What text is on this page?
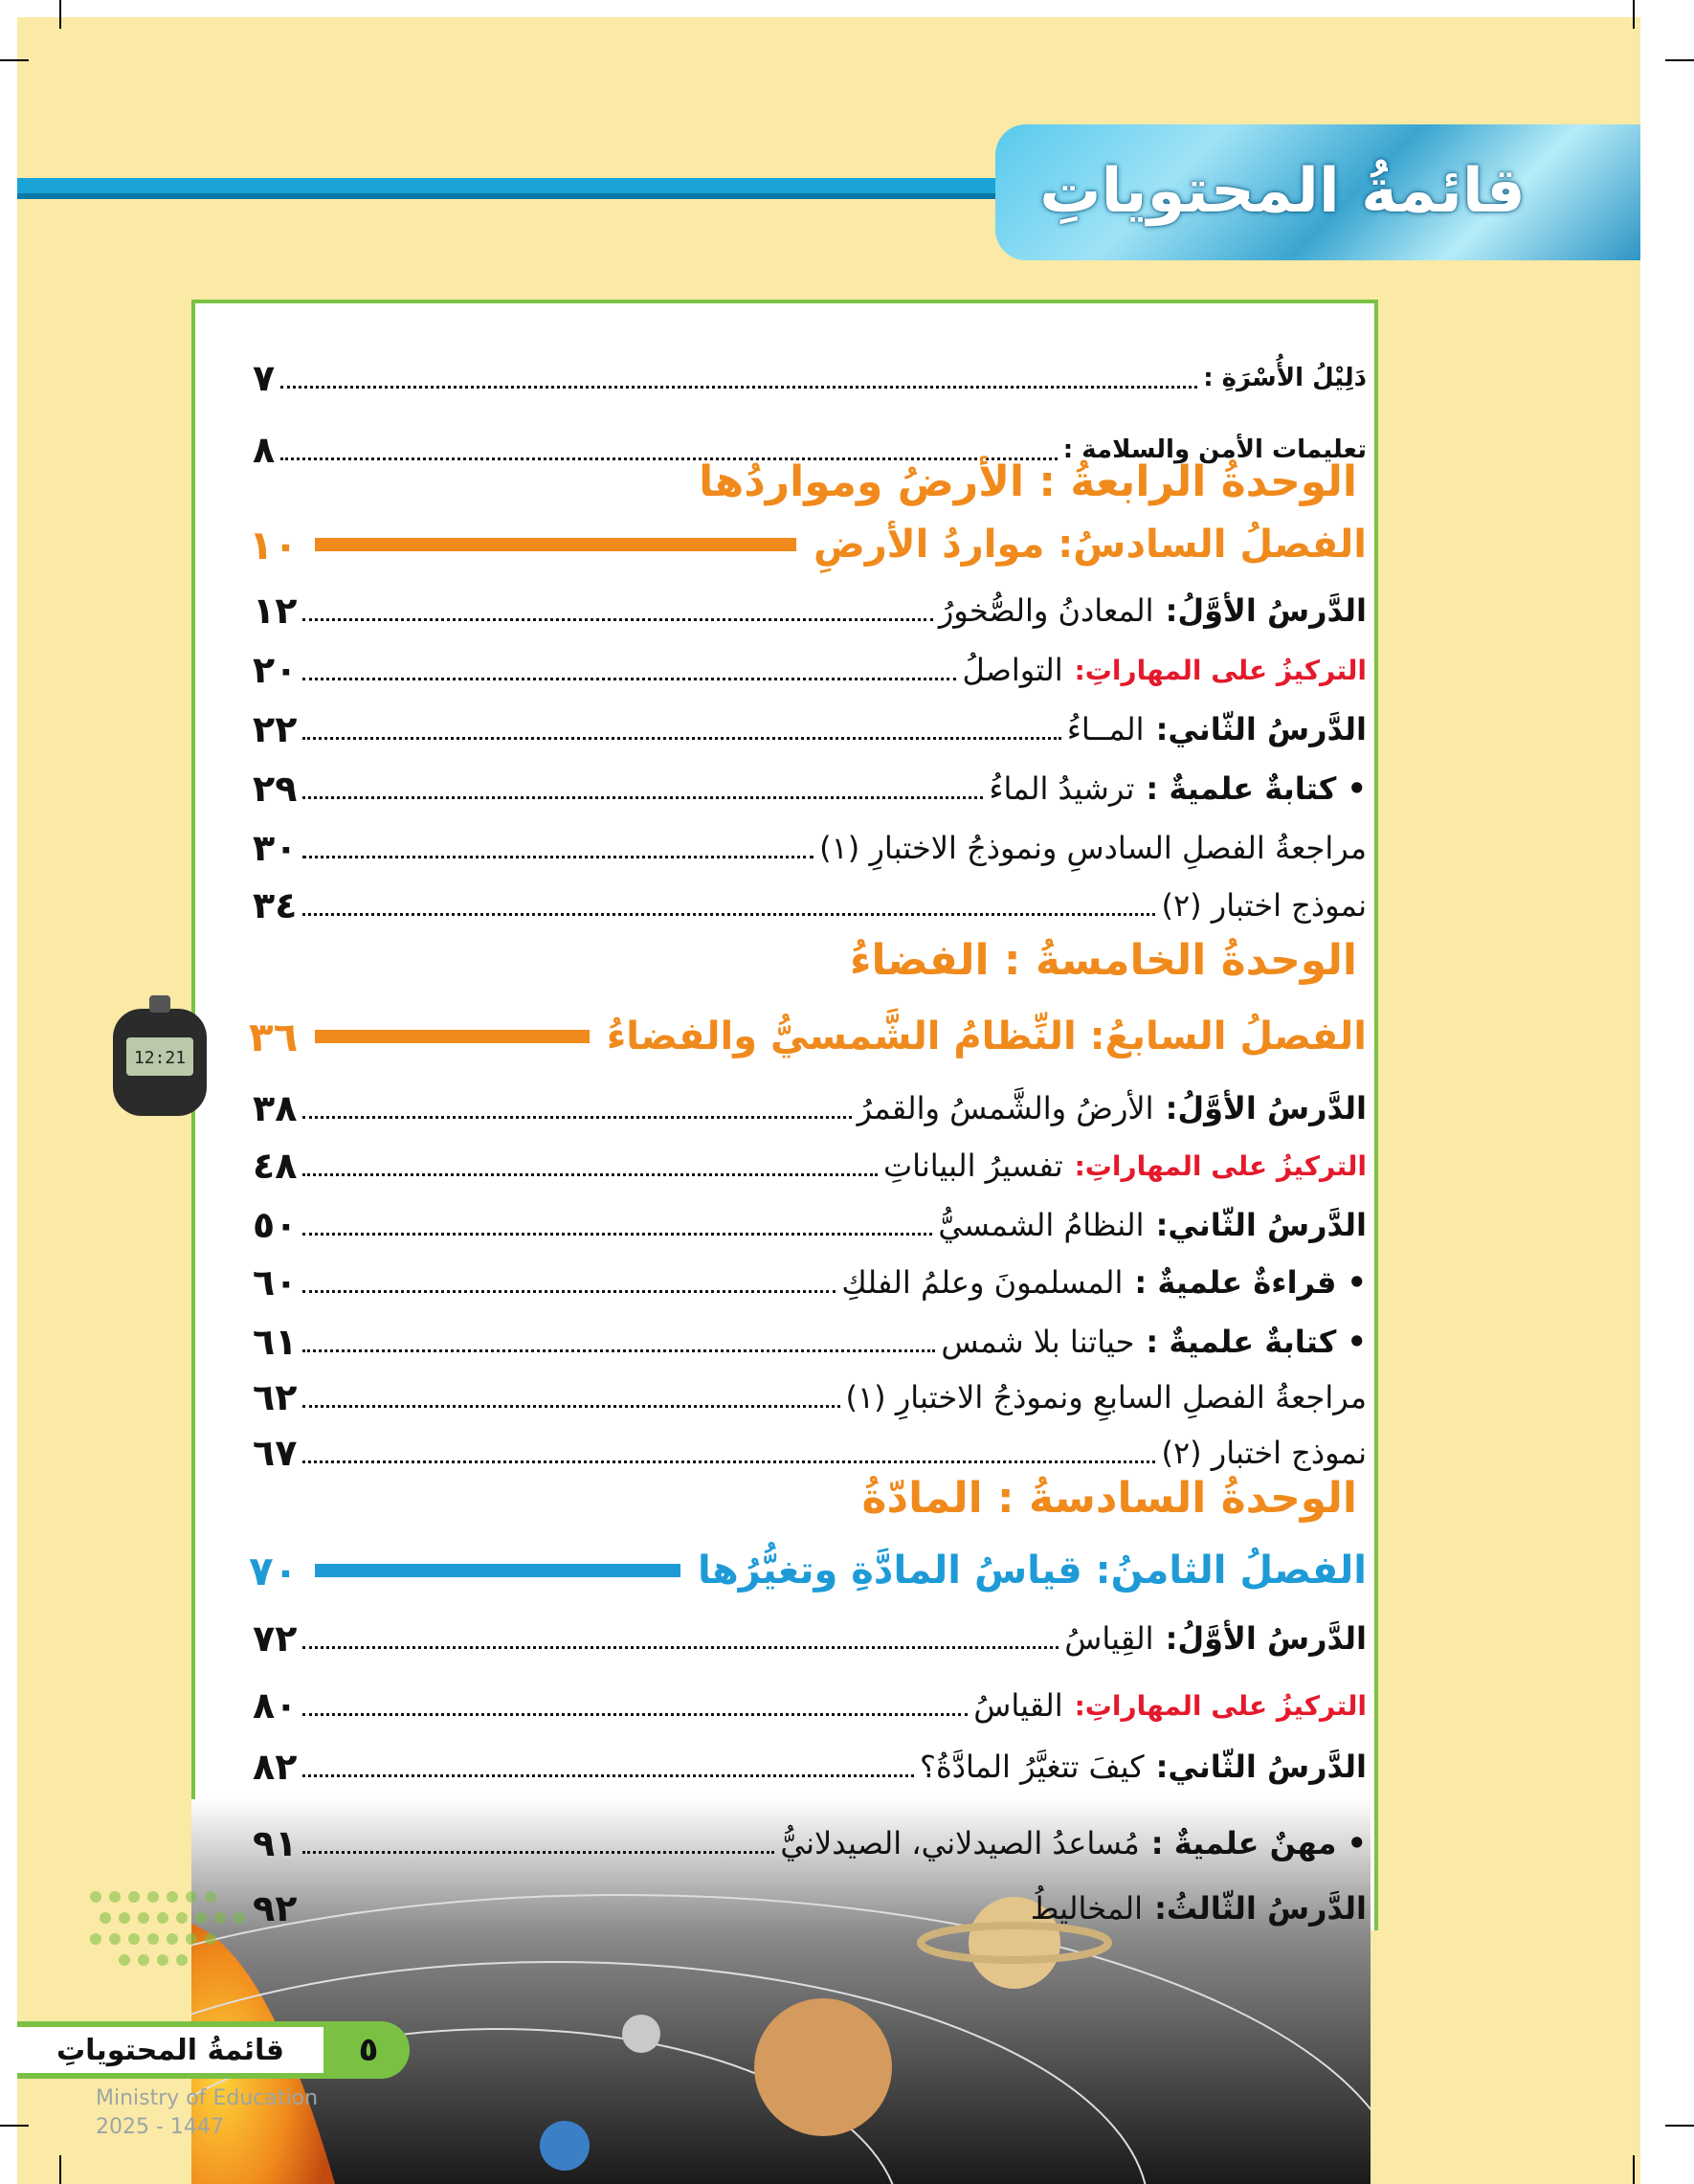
قائمةُ المحتوياتِ
12:21
دَلِيْلُ الأُسْرَةِ :
٧
تعليمات الأمن والسلامة :
٨
الوحدةُ الرابعةُ : الأرضُ ومواردُها
الفصلُ السادسُ: مواردُ الأرضِ
١٠
الدَّرسُ الأوَّلُ:
المعادنُ والصُّخورُ
١٢
التركيزُ على المهاراتِ:
التواصلُ
٢٠
الدَّرسُ الثّاني:
المــاءُ
٢٢
• كتابةٌ علميةٌ :
ترشيدُ الماءُ
٢٩
مراجعةُ الفصلِ السادسِ ونموذجُ الاختبارِ (١)
٣٠
نموذج اختبار (٢)
٣٤
الوحدةُ الخامسةُ : الفضاءُ
الفصلُ السابعُ: النِّظامُ الشَّمسيُّ والفضاءُ
٣٦
الدَّرسُ الأوَّلُ:
الأرضُ والشَّمسُ والقمرُ
٣٨
التركيزُ على المهاراتِ:
تفسيرُ البياناتِ
٤٨
الدَّرسُ الثّاني:
النظامُ الشمسيُّ
٥٠
• قراءةٌ علميةٌ :
المسلمونَ وعلمُ الفلكِ
٦٠
• كتابةٌ علميةٌ :
حياتنا بلا شمس
٦١
مراجعةُ الفصلِ السابعِ ونموذجُ الاختبارِ (١)
٦٢
نموذج اختبار (٢)
٦٧
الوحدةُ السادسةُ : المادّةُ
الفصلُ الثامنُ: قياسُ المادَّةِ وتغيُّرُها
٧٠
الدَّرسُ الأوَّلُ:
القِياسُ
٧٢
التركيزُ على المهاراتِ:
القياسُ
٨٠
الدَّرسُ الثّاني:
كيفَ تتغيَّرُ المادَّةُ؟
٨٢
• مهنٌ علميةٌ :
مُساعدُ الصيدلاني، الصيدلانيُّ
٩١
الدَّرسُ الثّالثُ:
المخاليطُ
٩٢
قائمةُ المحتوياتِ	٥
Ministry of Education
2025 - 1447
